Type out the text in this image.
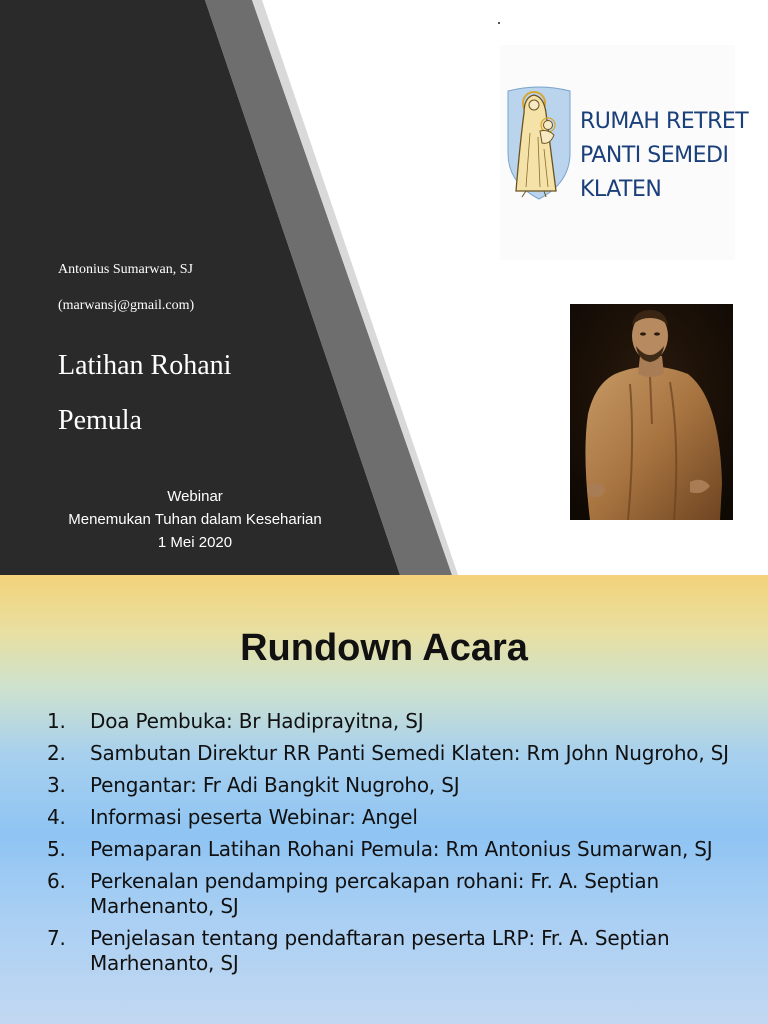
Antonius Sumarwan, SJ
(marwansj@gmail.com)
Latihan Rohani
Pemula
Webinar
Menemukan Tuhan dalam Keseharian
1 Mei 2020
RUMAH RETRET
PANTI SEMEDI
KLATEN
Rundown Acara
1. Doa Pembuka: Br Hadiprayitna, SJ
2. Sambutan Direktur RR Panti Semedi Klaten: Rm John Nugroho, SJ
3. Pengantar: Fr Adi Bangkit Nugroho, SJ
4. Informasi peserta Webinar: Angel
5. Pemaparan Latihan Rohani Pemula: Rm Antonius Sumarwan, SJ
6. Perkenalan pendamping percakapan rohani: Fr. A. Septian Marhenanto, SJ
7. Penjelasan tentang pendaftaran peserta LRP: Fr. A. Septian Marhenanto, SJ
